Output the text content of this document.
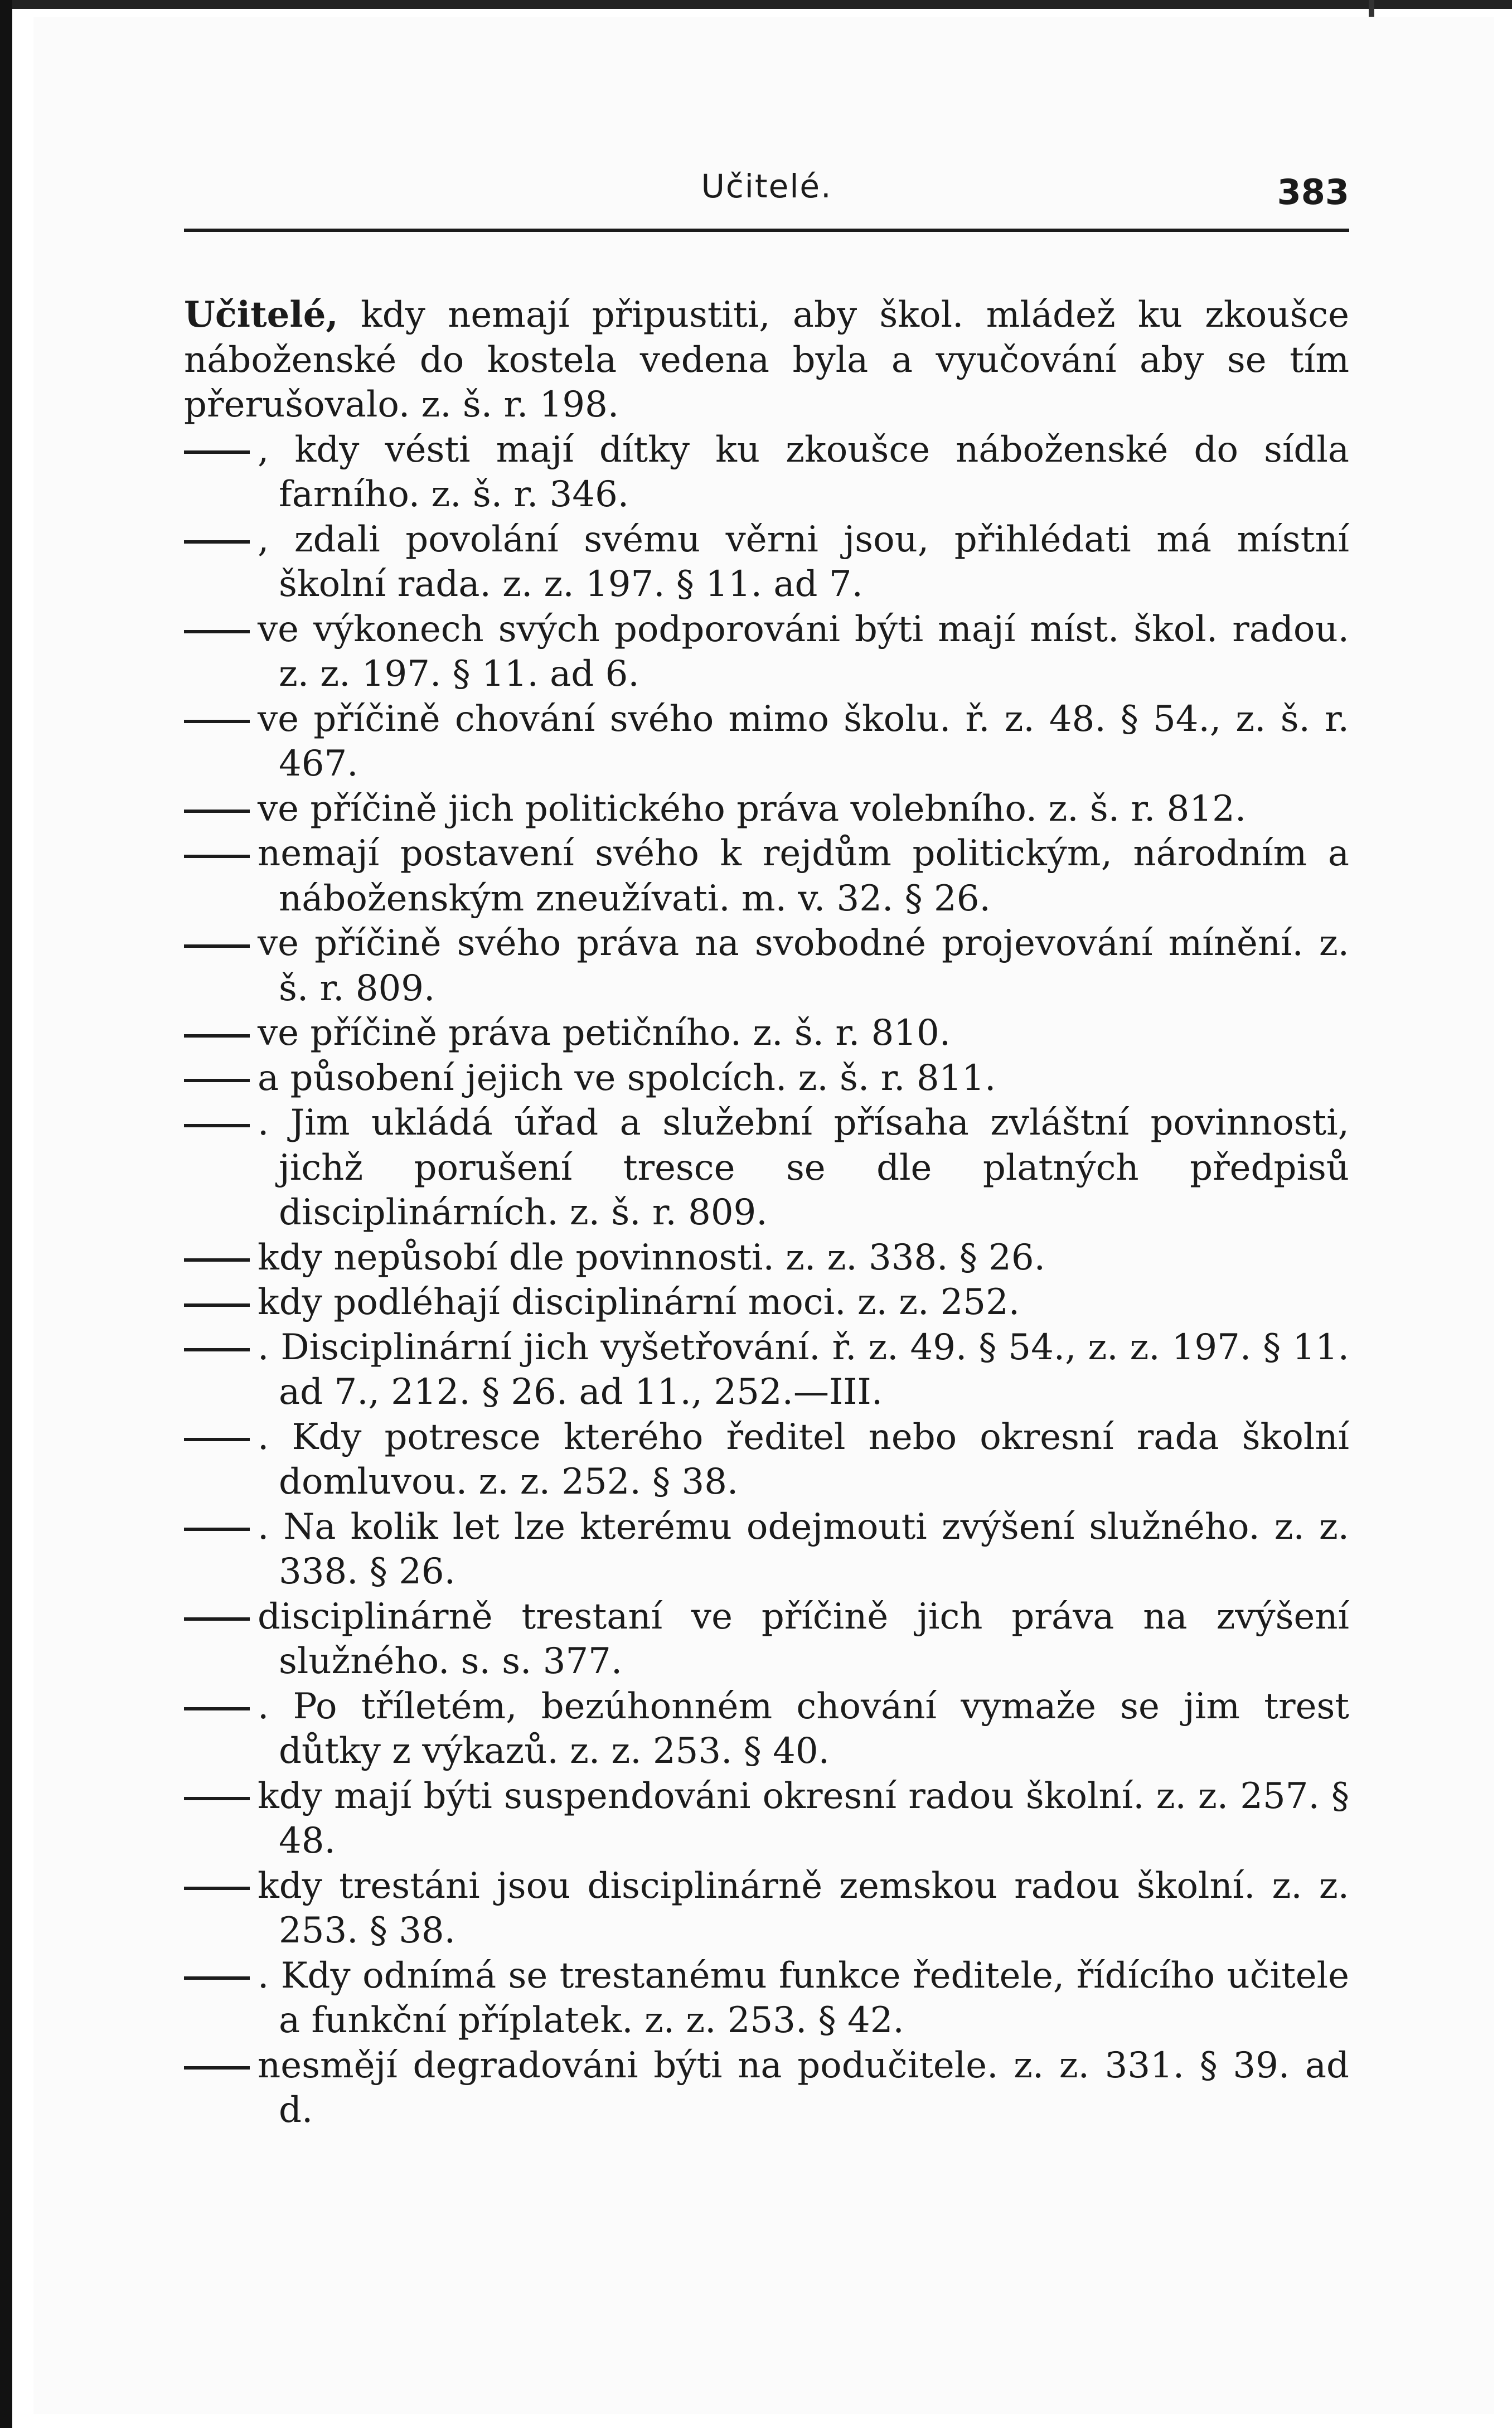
Učitelé.	383
Učitelé, kdy nemají připustiti, aby škol. mládež ku zkoušce náboženské do kostela vedena byla a vyučování aby se tím přerušovalo. z. š. r. 198.
, kdy vésti mají dítky ku zkoušce náboženské do sídla farního. z. š. r. 346.
, zdali povolání svému věrni jsou, přihlédati má místní školní rada. z. z. 197. § 11. ad 7.
ve výkonech svých podporováni býti mají míst. škol. radou. z. z. 197. § 11. ad 6.
ve příčině chování svého mimo školu. ř. z. 48. § 54., z. š. r. 467.
ve příčině jich politického práva volebního. z. š. r. 812.
nemají postavení svého k rejdům politickým, národním a náboženským zneužívati. m. v. 32. § 26.
ve příčině svého práva na svobodné projevování mínění. z. š. r. 809.
ve příčině práva petičního. z. š. r. 810.
a působení jejich ve spolcích. z. š. r. 811.
. Jim ukládá úřad a služební přísaha zvláštní povinnosti, jichž porušení tresce se dle platných předpisů disciplinárních. z. š. r. 809.
kdy nepůsobí dle povinnosti. z. z. 338. § 26.
kdy podléhají disciplinární moci. z. z. 252.
. Disciplinární jich vyšetřování. ř. z. 49. § 54., z. z. 197. § 11. ad 7., 212. § 26. ad 11., 252.—III.
. Kdy potresce kterého ředitel nebo okresní rada školní domluvou. z. z. 252. § 38.
. Na kolik let lze kterému odejmouti zvýšení služného. z. z. 338. § 26.
disciplinárně trestaní ve příčině jich práva na zvýšení služného. s. s. 377.
. Po tříletém, bezúhonném chování vymaže se jim trest důtky z výkazů. z. z. 253. § 40.
kdy mají býti suspendováni okresní radou školní. z. z. 257. § 48.
kdy trestáni jsou disciplinárně zemskou radou školní. z. z. 253. § 38.
. Kdy odnímá se trestanému funkce ředitele, řídícího učitele a funkční příplatek. z. z. 253. § 42.
nesmějí degradováni býti na podučitele. z. z. 331. § 39. ad d.
